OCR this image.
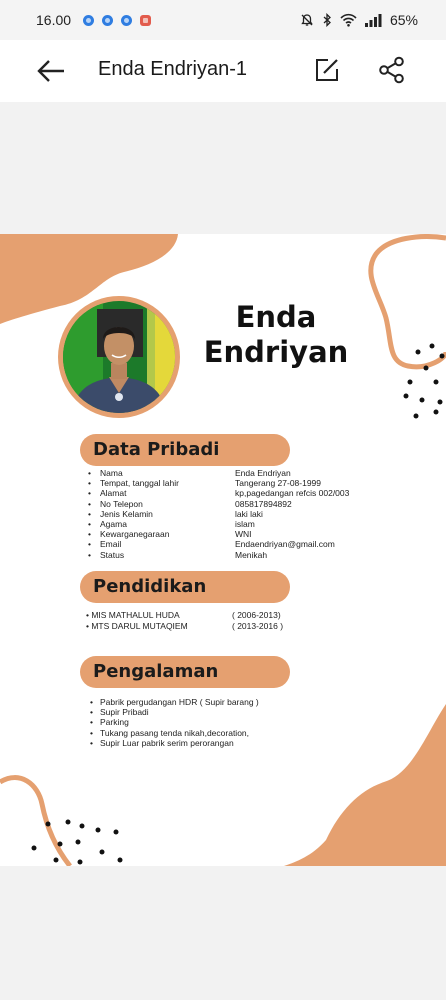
16.00	65%
Enda Endriyan-1
Enda
Endriyan
Data Pribadi
•	Nama	Enda Endriyan
•	Tempat, tanggal lahir	Tangerang 27-08-1999
•	Alamat	kp,pagedangan refcis 002/003
•	No Telepon	085817894892
•	Jenis Kelamin	laki laki
•	Agama	islam
•	Kewarganegaraan	WNI
•	Email	Endaendriyan@gmail.com
•	Status	Menikah
Pendidikan
• MIS MATHALUL HUDA	( 2006-2013)
• MTS DARUL MUTAQIEM	( 2013-2016 )
Pengalaman
• Pabrik pergudangan HDR ( Supir barang )
• Supir Pribadi
• Parking
• Tukang pasang tenda nikah,decoration,
• Supir Luar pabrik serim perorangan
